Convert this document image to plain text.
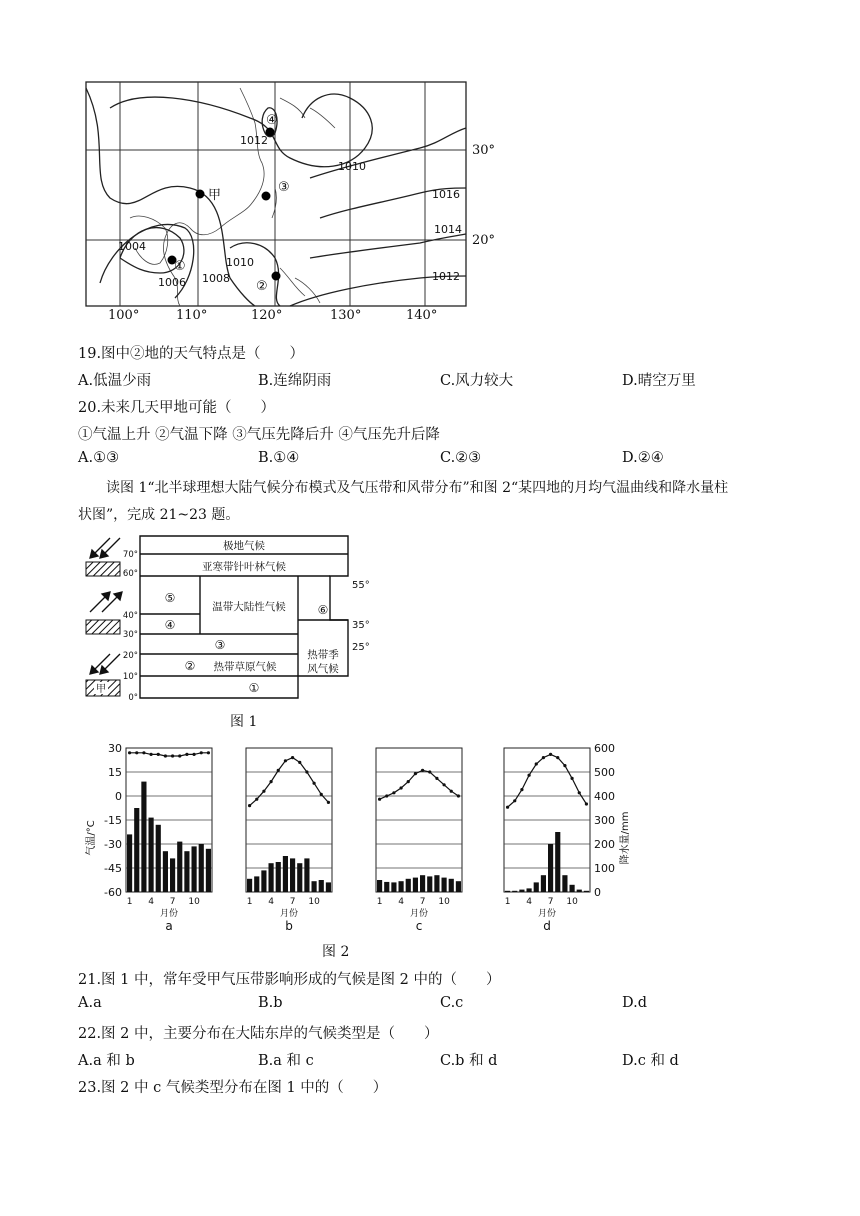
1012
1010
1016
1014
1004
1006 1008
1010
1012
④
甲
③
①
②
100°	110°	120°	130°	140°
30°
20°
19.图中②地的天气特点是（　　）
A.低温少雨	B.连绵阴雨	C.风力较大	D.晴空万里
20.未来几天甲地可能（　　）
①气温上升 ②气温下降 ③气压先降后升 ④气压先升后降
A.①③	B.①④	C.②③	D.②④
读图 1“北半球理想大陆气候分布模式及气压带和风带分布”和图 2“某四地的月均气温曲线和降水量柱
状图”，完成 21~23 题。
70°
60°
40°
30°
20°
10°
0°
55°
35°
25°
极地气候
亚寒带针叶林气候
温带大陆性气候
热带草原气候
热带季
风气候
⑤
④
③
②
①
⑥
甲
图 1
1 4 7 10
月份
a
1 4 7 10
月份
b
1 4 7 10
月份
c
1 4 7 10
月份
d
30
15
0
-15
-30
-45
-60
600
500
400
300
200
100
0
气温/°C	降水量/mm
图 2
21.图 1 中，常年受甲气压带影响形成的气候是图 2 中的（　　）
A.a	B.b	C.c	D.d
22.图 2 中，主要分布在大陆东岸的气候类型是（　　）
A.a 和 b	B.a 和 c	C.b 和 d	D.c 和 d
23.图 2 中 c 气候类型分布在图 1 中的（　　）
